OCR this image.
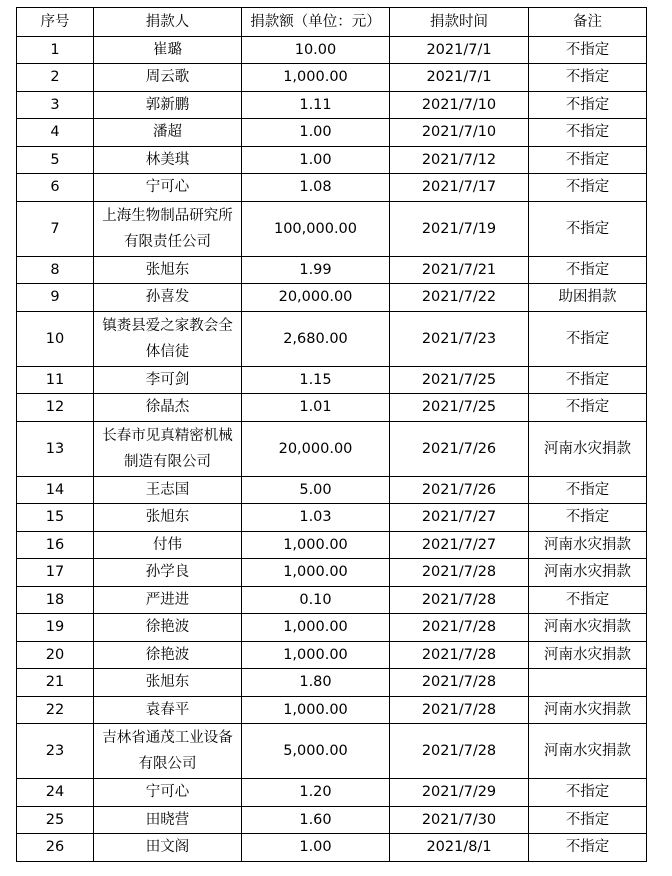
序号	捐款人	捐款额（单位：元）	捐款时间	备注
1	崔璐	10.00	2021/7/1	不指定
2	周云歌	1,000.00	2021/7/1	不指定
3	郭新鹏	1.11	2021/7/10	不指定
4	潘超	1.00	2021/7/10	不指定
5	林美琪	1.00	2021/7/12	不指定
6	宁可心	1.08	2021/7/17	不指定
7	上海生物制品研究所有限责任公司	100,000.00	2021/7/19	不指定
8	张旭东	1.99	2021/7/21	不指定
9	孙喜发	20,000.00	2021/7/22	助困捐款
10	镇赉县爱之家教会全体信徒	2,680.00	2021/7/23	不指定
11	李可剑	1.15	2021/7/25	不指定
12	徐晶杰	1.01	2021/7/25	不指定
13	长春市见真精密机械制造有限公司	20,000.00	2021/7/26	河南水灾捐款
14	王志国	5.00	2021/7/26	不指定
15	张旭东	1.03	2021/7/27	不指定
16	付伟	1,000.00	2021/7/27	河南水灾捐款
17	孙学良	1,000.00	2021/7/28	河南水灾捐款
18	严进进	0.10	2021/7/28	不指定
19	徐艳波	1,000.00	2021/7/28	河南水灾捐款
20	徐艳波	1,000.00	2021/7/28	河南水灾捐款
21	张旭东	1.80	2021/7/28	
22	袁春平	1,000.00	2021/7/28	河南水灾捐款
23	吉林省通茂工业设备有限公司	5,000.00	2021/7/28	河南水灾捐款
24	宁可心	1.20	2021/7/29	不指定
25	田晓营	1.60	2021/7/30	不指定
26	田文阁	1.00	2021/8/1	不指定
